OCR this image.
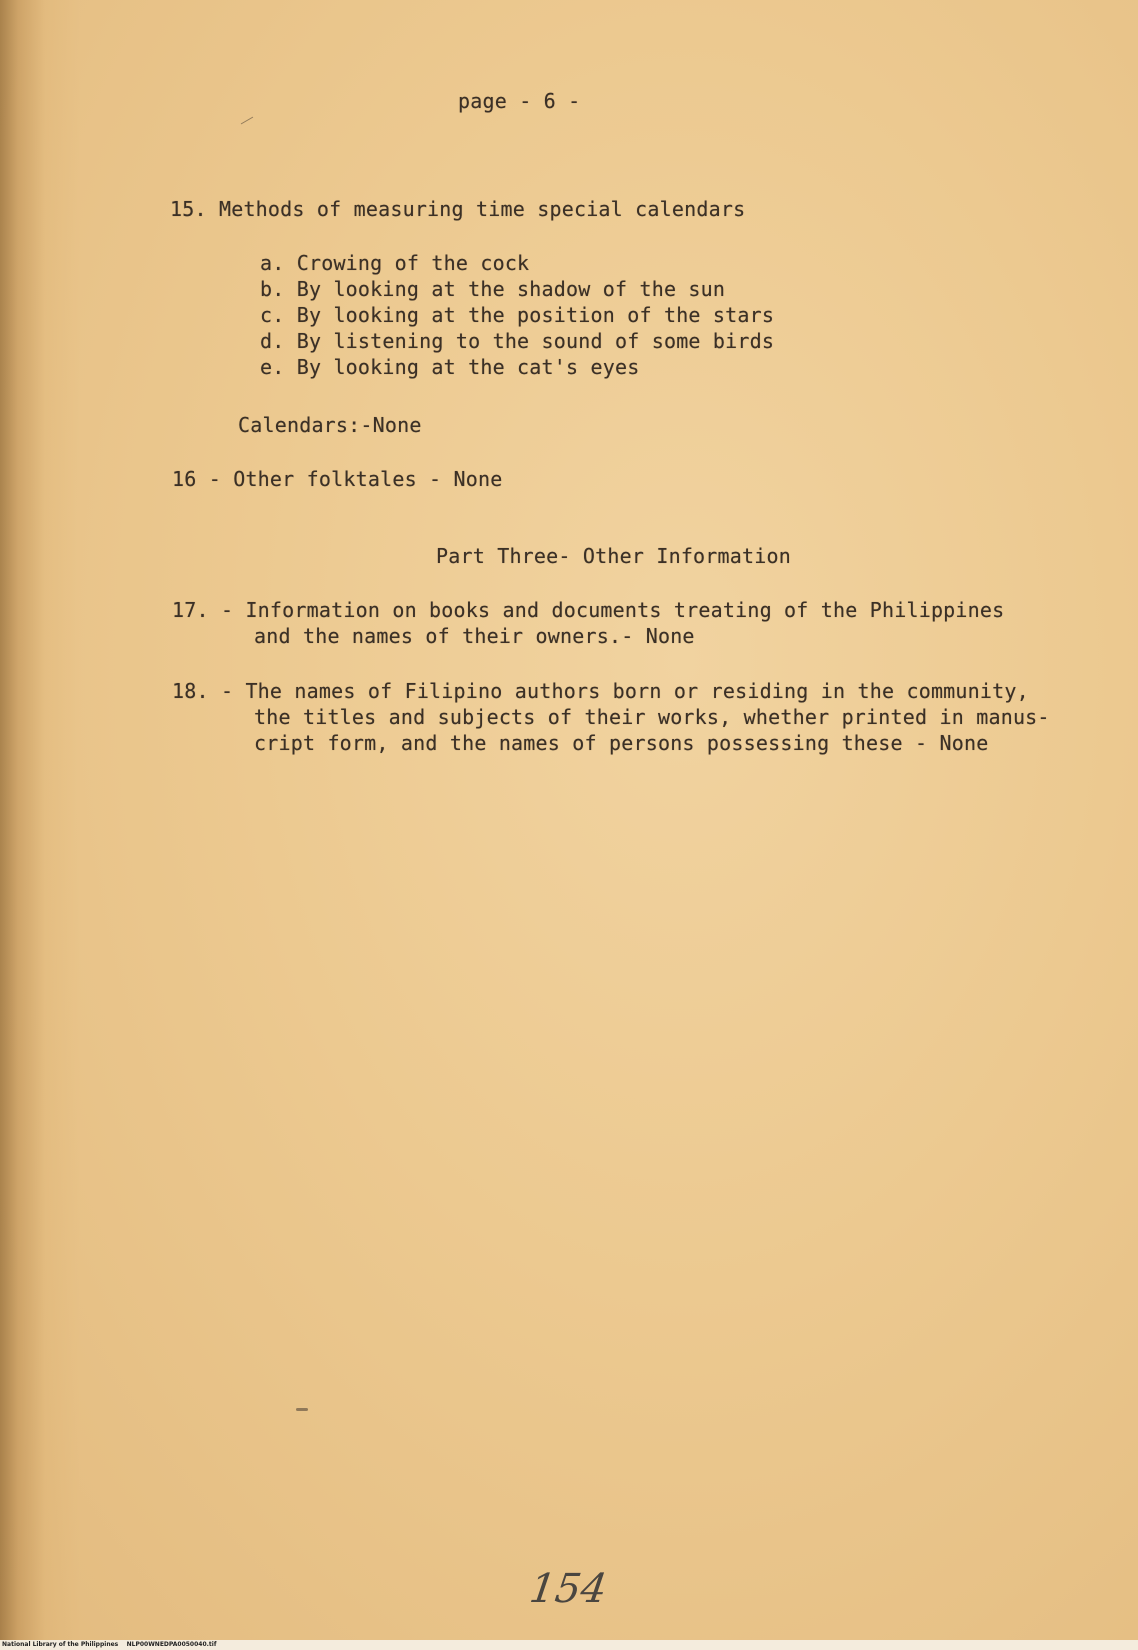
page - 6 -
15. Methods of measuring time special calendars
a. Crowing of the cock
b. By looking at the shadow of the sun
c. By looking at the position of the stars
d. By listening to the sound of some birds
e. By looking at the cat's eyes
Calendars:-None
16 - Other folktales - None
Part Three- Other Information
17. - Information on books and documents treating of the Philippines
and the names of their owners.- None
18. - The names of Filipino authors born or residing in the community,
the titles and subjects of their works, whether printed in manus-
cript form, and the names of persons possessing these - None
154
National Library of the Philippines    NLP00WNEDPA0050040.tif
